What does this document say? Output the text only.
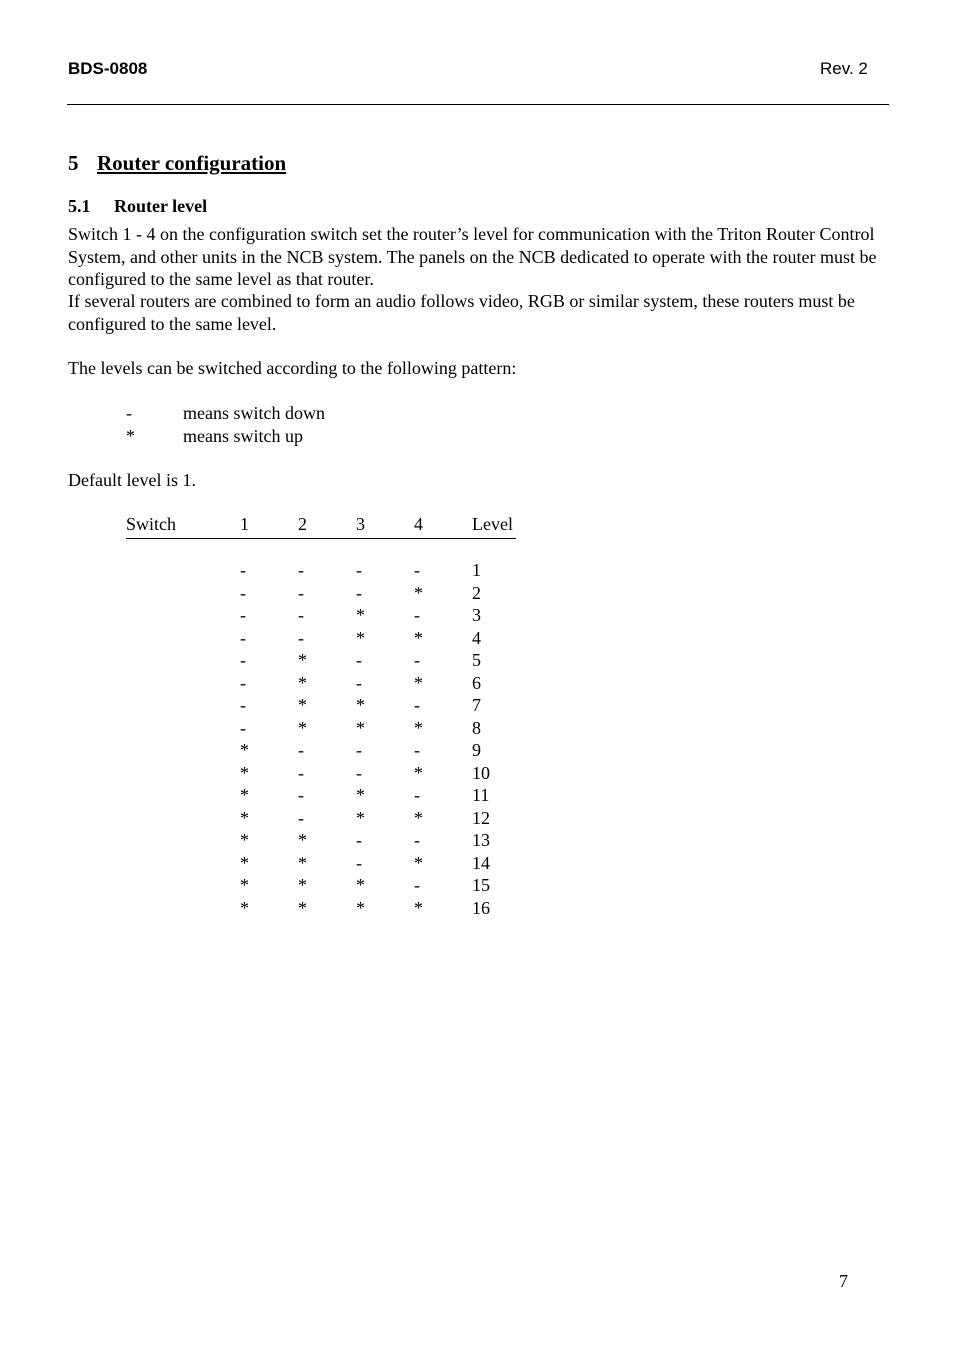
BDS-0808	Rev. 2
5 Router configuration
5.1 Router level
Switch 1 - 4 on the configuration switch set the router’s level for communication with the Triton Router Control System, and other units in the NCB system. The panels on the NCB dedicated to operate with the router must be configured to the same level as that router.
If several routers are combined to form an audio follows video, RGB or similar system, these routers must be configured to the same level.
The levels can be switched according to the following pattern:
-	means switch down
*	means switch up
Default level is 1.
Switch	1	2	3	4	Level
-	-	-	-	1
-	-	-	*	2
-	-	*	-	3
-	-	*	*	4
-	*	-	-	5
-	*	-	*	6
-	*	*	-	7
-	*	*	*	8
*	-	-	-	9
*	-	-	*	10
*	-	*	-	11
*	-	*	*	12
*	*	-	-	13
*	*	-	*	14
*	*	*	-	15
*	*	*	*	16
7
